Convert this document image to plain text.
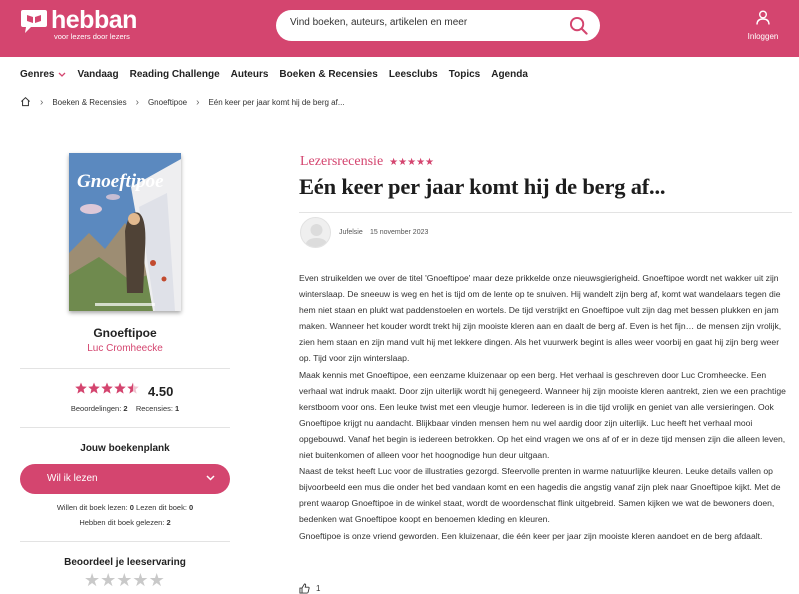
hebban
voor lezers door lezers
Vind boeken, auteurs, artikelen en meer	Inloggen
Genres Vandaag Reading Challenge Auteurs Boeken & Recensies Leesclubs Topics Agenda
› Boeken & Recensies › Gnoeftipoe › Eén keer per jaar komt hij de berg af...
Gnoeftipoe
Gnoeftipoe
Luc Cromheecke
4.50
Beoordelingen: 2 Recensies: 1
Jouw boekenplank
Wil ik lezen
Willen dit boek lezen: 0 Lezen dit boek: 0
Hebben dit boek gelezen: 2
Beoordeel je leeservaring
★★★★★
Lezersrecensie ★★★★★
Eén keer per jaar komt hij de berg af...
Jufelsie 15 november 2023

Even struikelden we over de titel 'Gnoeftipoe' maar deze prikkelde onze nieuwsgierigheid. Gnoeftipoe wordt net wakker uit zijn winterslaap. De sneeuw is weg en het is tijd om de lente op te snuiven. Hij wandelt zijn berg af, komt wat wandelaars tegen die hem niet staan en plukt wat paddenstoelen en wortels. De tijd verstrijkt en Gnoeftipoe vult zijn dag met bessen plukken en jam maken. Wanneer het kouder wordt trekt hij zijn mooiste kleren aan en daalt de berg af. Even is het fijn… de mensen zijn vrolijk, zien hem staan en zijn mand vult hij met lekkere dingen. Als het vuurwerk begint is alles weer voorbij en gaat hij zijn berg weer op. Tijd voor zijn winterslaap.

Maak kennis met Gnoeftipoe, een eenzame kluizenaar op een berg. Het verhaal is geschreven door Luc Cromheecke. Een verhaal wat indruk maakt. Door zijn uiterlijk wordt hij genegeerd. Wanneer hij zijn mooiste kleren aantrekt, zien we een prachtige kerstboom voor ons. Een leuke twist met een vleugje humor. Iedereen is in die tijd vrolijk en geniet van alle versieringen. Ook Gnoeftipoe krijgt nu aandacht. Blijkbaar vinden mensen hem nu wel aardig door zijn uiterlijk. Luc heeft het verhaal mooi opgebouwd. Vanaf het begin is iedereen betrokken. Op het eind vragen we ons af of er in deze tijd mensen zijn die alleen leven, niet buitenkomen of alleen voor het hoognodige hun deur uitgaan.

Naast de tekst heeft Luc voor de illustraties gezorgd. Sfeervolle prenten in warme natuurlijke kleuren. Leuke details vallen op bijvoorbeeld een mus die onder het bed vandaan komt en een hagedis die angstig vanaf zijn plek naar Gnoeftipoe kijkt. Met de prent waarop Gnoeftipoe in de winkel staat, wordt de woordenschat flink uitgebreid. Samen kijken we wat de bewoners doen, bedenken wat Gnoeftipoe koopt en benoemen kleding en kleuren.

Gnoeftipoe is onze vriend geworden. Een kluizenaar, die één keer per jaar zijn mooiste kleren aandoet en de berg afdaalt.

1
